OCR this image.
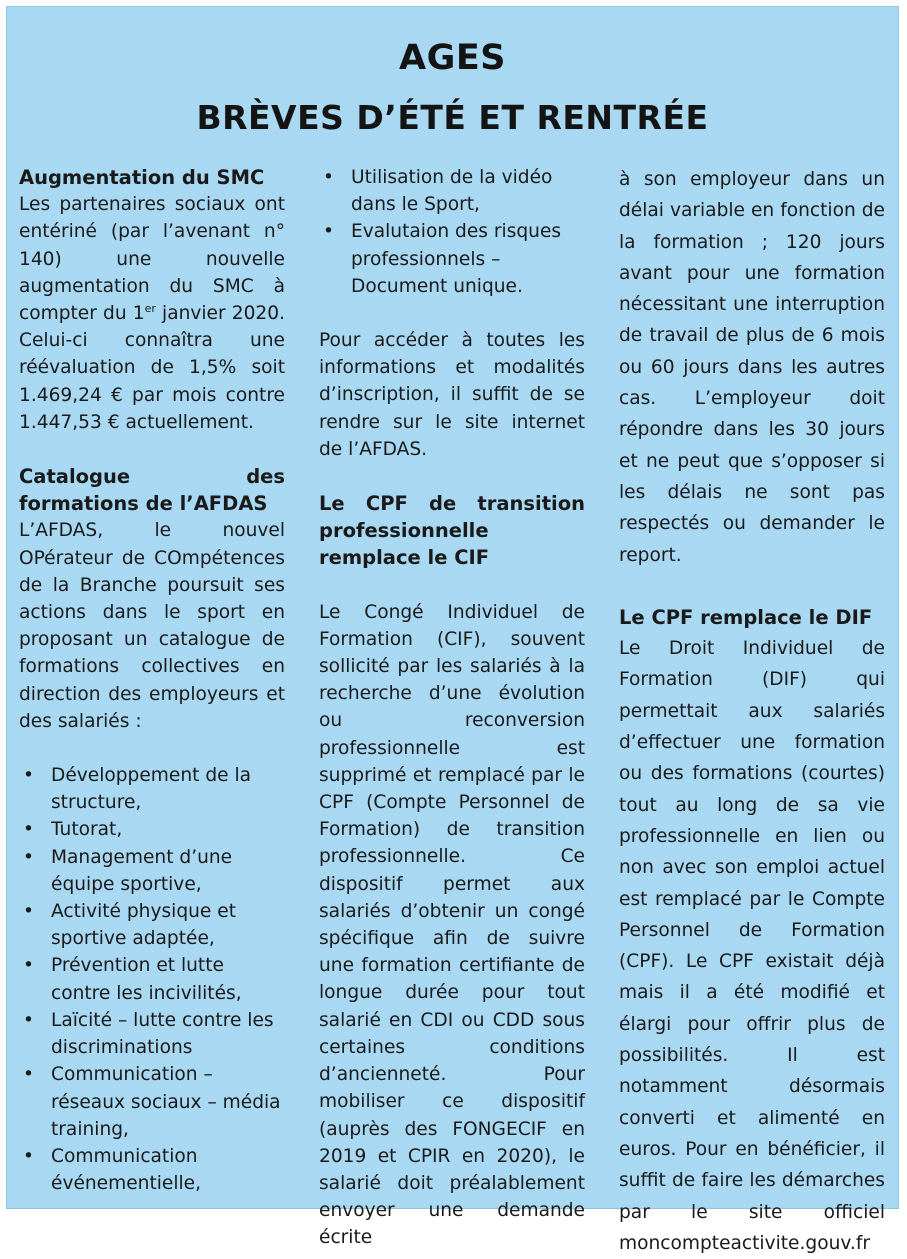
AGES
BRÈVES D’ÉTÉ ET RENTRÉE

Augmentation du SMC

Les partenaires sociaux ont entériné (par l’avenant n° 140) une nouvelle augmentation du SMC à compter du 1er janvier 2020. Celui-ci connaîtra une réévaluation de 1,5% soit 1.469,24 € par mois contre 1.447,53 € actuellement.

Catalogue des formations de l’AFDAS

L’AFDAS, le nouvel OPérateur de COmpétences de la Branche poursuit ses actions dans le sport en proposant un catalogue de formations collectives en direction des employeurs et des salariés :

• Développement de la structure,
• Tutorat,
• Management d’une équipe sportive,
• Activité physique et sportive adaptée,
• Prévention et lutte contre les incivilités,
• Laïcité – lutte contre les discriminations
• Communication – réseaux sociaux – média training,
• Communication événementielle,
• Utilisation de la vidéo dans le Sport,
• Evalutaion des risques professionnels – Document unique.

Pour accéder à toutes les informations et modalités d’inscription, il suffit de se rendre sur le site internet de l’AFDAS.

Le CPF de transition professionnelle remplace le CIF

Le Congé Individuel de Formation (CIF), souvent sollicité par les salariés à la recherche d’une évolution ou reconversion professionnelle est supprimé et remplacé par le CPF (Compte Personnel de Formation) de transition professionnelle. Ce dispositif permet aux salariés d’obtenir un congé spécifique afin de suivre une formation certifiante de longue durée pour tout salarié en CDI ou CDD sous certaines conditions d’ancienneté. Pour mobiliser ce dispositif (auprès des FONGECIF en 2019 et CPIR en 2020), le salarié doit préalablement envoyer une demande écrite

à son employeur dans un délai variable en fonction de la formation ; 120 jours avant pour une formation nécessitant une interruption de travail de plus de 6 mois ou 60 jours dans les autres cas. L’employeur doit répondre dans les 30 jours et ne peut que s’opposer si les délais ne sont pas respectés ou demander le report.

Le CPF remplace le DIF

Le Droit Individuel de Formation (DIF) qui permettait aux salariés d’effectuer une formation ou des formations (courtes) tout au long de sa vie professionnelle en lien ou non avec son emploi actuel est remplacé par le Compte Personnel de Formation (CPF). Le CPF existait déjà mais il a été modifié et élargi pour offrir plus de possibilités. Il est notamment désormais converti et alimenté en euros. Pour en bénéficier, il suffit de faire les démarches par le site officiel moncompteactivite.gouv.fr
